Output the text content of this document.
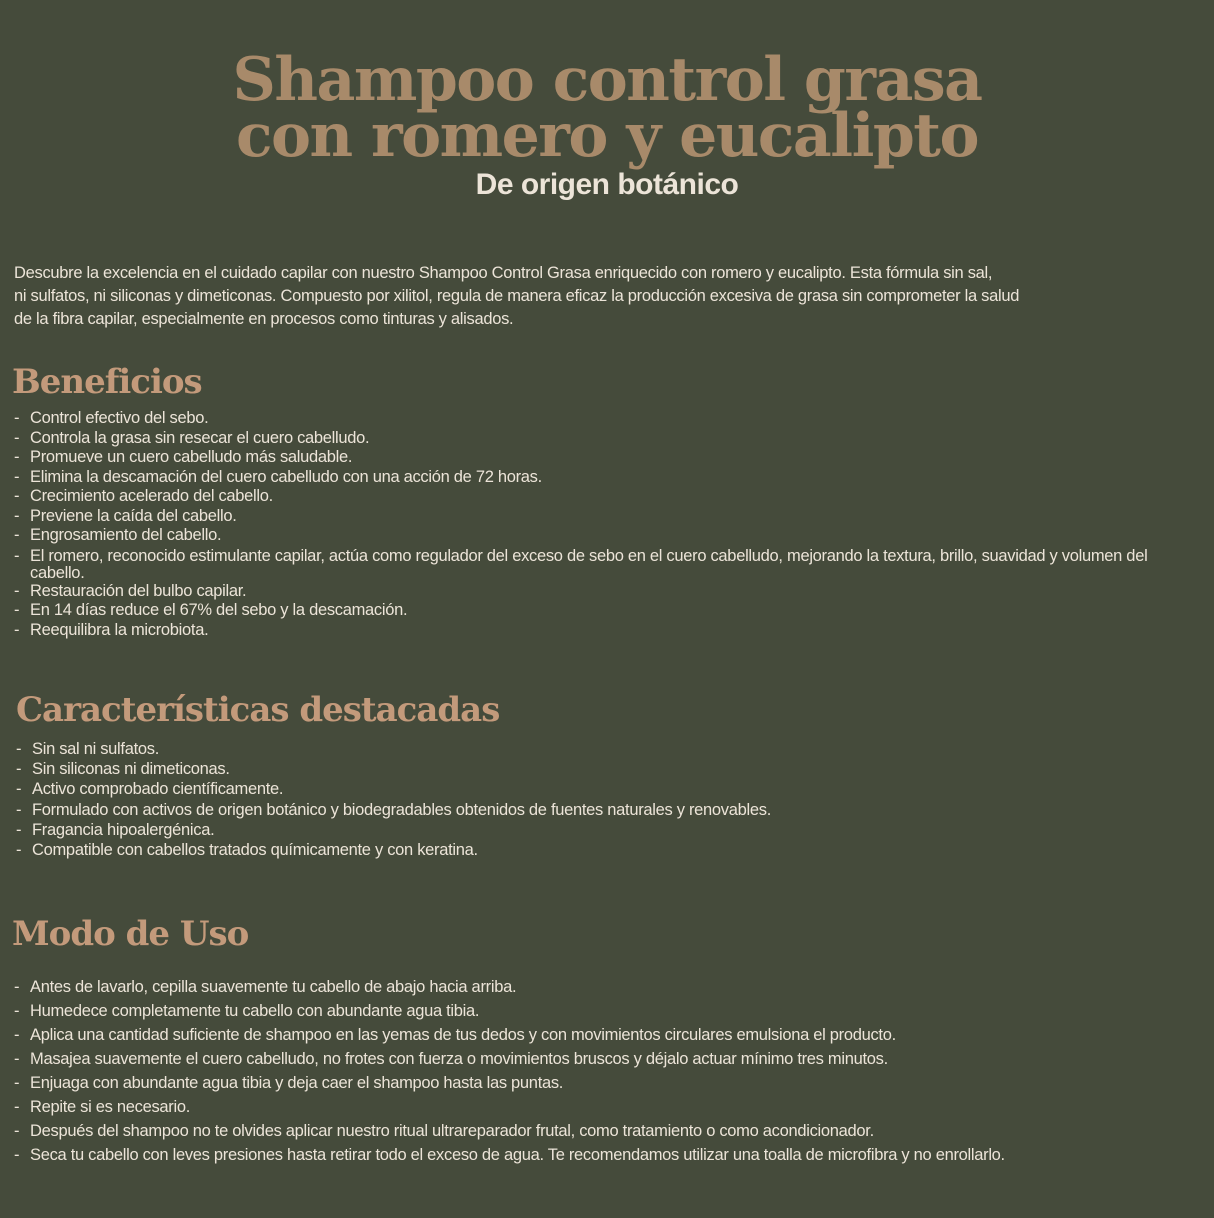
Shampoo control grasa
con romero y eucalipto
De origen botánico
Descubre la excelencia en el cuidado capilar con nuestro Shampoo Control Grasa enriquecido con romero y eucalipto. Esta fórmula sin sal,
ni sulfatos, ni siliconas y dimeticonas. Compuesto por xilitol, regula de manera eficaz la producción excesiva de grasa sin comprometer la salud
de la fibra capilar, especialmente en procesos como tinturas y alisados.
Beneficios
- Control efectivo del sebo.
- Controla la grasa sin resecar el cuero cabelludo.
- Promueve un cuero cabelludo más saludable.
- Elimina la descamación del cuero cabelludo con una acción de 72 horas.
- Crecimiento acelerado del cabello.
- Previene la caída del cabello.
- Engrosamiento del cabello.
- El romero, reconocido estimulante capilar, actúa como regulador del exceso de sebo en el cuero cabelludo, mejorando la textura, brillo, suavidad y volumen del cabello.
- Restauración del bulbo capilar.
- En 14 días reduce el 67% del sebo y la descamación.
- Reequilibra la microbiota.
Características destacadas
- Sin sal ni sulfatos.
- Sin siliconas ni dimeticonas.
- Activo comprobado científicamente.
- Formulado con activos de origen botánico y biodegradables obtenidos de fuentes naturales y renovables.
- Fragancia hipoalergénica.
- Compatible con cabellos tratados químicamente y con keratina.
Modo de Uso
- Antes de lavarlo, cepilla suavemente tu cabello de abajo hacia arriba.
- Humedece completamente tu cabello con abundante agua tibia.
- Aplica una cantidad suficiente de shampoo en las yemas de tus dedos y con movimientos circulares emulsiona el producto.
- Masajea suavemente el cuero cabelludo, no frotes con fuerza o movimientos bruscos y déjalo actuar mínimo tres minutos.
- Enjuaga con abundante agua tibia y deja caer el shampoo hasta las puntas.
- Repite si es necesario.
- Después del shampoo no te olvides aplicar nuestro ritual ultrareparador frutal, como tratamiento o como acondicionador.
- Seca tu cabello con leves presiones hasta retirar todo el exceso de agua. Te recomendamos utilizar una toalla de microfibra y no enrollarlo.
